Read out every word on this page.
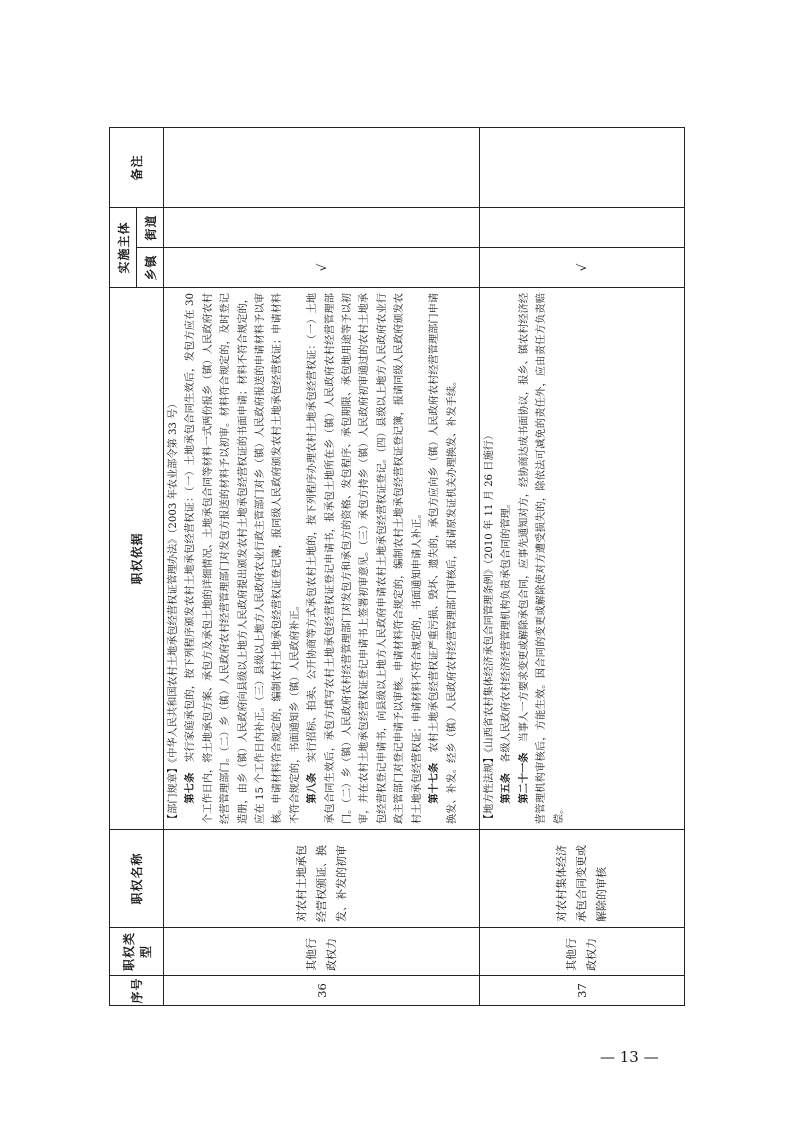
序号	职权类型	职权名称	职权依据	实施主体		备注
				乡镇	街道	
36	其他行政权力	对农村土地承包经营权颁证、换发、补发的初审	【部门规章】《中华人民共和国农村土地承包经营权证管理办法》（2003 年农业部令第 33 号）

第七条　实行家庭承包的，按下列程序颁发农村土地承包经营权证：（一）土地承包合同生效后，发包方应在 30 个工作日内，将土地承包方案、承包方及承包土地的详细情况、土地承包合同等材料一式两份报乡（镇）人民政府农村经营管理部门。（二）乡（镇）人民政府农村经营管理部门对发包方报送的材料予以初审。材料符合规定的，及时登记造册，由乡（镇）人民政府向县级以上地方人民政府提出颁发农村土地承包经营权证的书面申请；材料不符合规定的，应在 15 个工作日内补正。（三）县级以上地方人民政府农业行政主管部门对乡（镇）人民政府报送的申请材料予以审核。申请材料符合规定的，编制农村土地承包经营权证登记簿，报同级人民政府颁发农村土地承包经营权证；申请材料不符合规定的，书面通知乡（镇）人民政府补正。 第八条　实行招标、拍卖、公开协商等方式承包农村土地的，按下列程序办理农村土地承包经营权证：（一）土地承包合同生效后，承包方填写农村土地承包经营权证登记申请书，报承包土地所在乡（镇）人民政府农村经营管理部门。（二）乡（镇）人民政府农村经营管理部门对发包方和承包方的资格、发包程序、承包期限、承包地用途等予以初审，并在农村土地承包经营权证登记申请书上签署初审意见。（三）承包方持乡（镇）人民政府初审通过的农村土地承包经营权登记申请书，向县级以上地方人民政府申请农村土地承包经营权证登记。（四）县级以上地方人民政府农业行政主管部门对登记申请予以审核。申请材料符合规定的，编制农村土地承包经营权证登记簿，报请同级人民政府颁发农村土地承包经营权证；申请材料不符合规定的，书面通知申请人补正。 第十七条　农村土地承包经营权证严重污损、毁坏、遗失的，承包方应向乡（镇）人民政府农村经营管理部门申请换发、补发。经乡（镇）人民政府农村经营管理部门审核后，报请原发证机关办理换发、补发手续。	√		
37	其他行政权力	对农村集体经济承包合同变更或解除的审核	【地方性法规】《山西省农村集体经济承包合同管理条例》（2010 年 11 月 26 日施行）

第五条　各级人民政府农村经济经营管理机构负责承包合同的管理。

第二十一条　当事人一方要求变更或解除承包合同，应事先通知对方，经协商达成书面协议，报乡、镇农村经济经营管理机构审核后，方能生效。因合同的变更或解除使对方遭受损失的，除依法可减免的责任外，应由责任方负责赔偿。	√		
— 13 —
